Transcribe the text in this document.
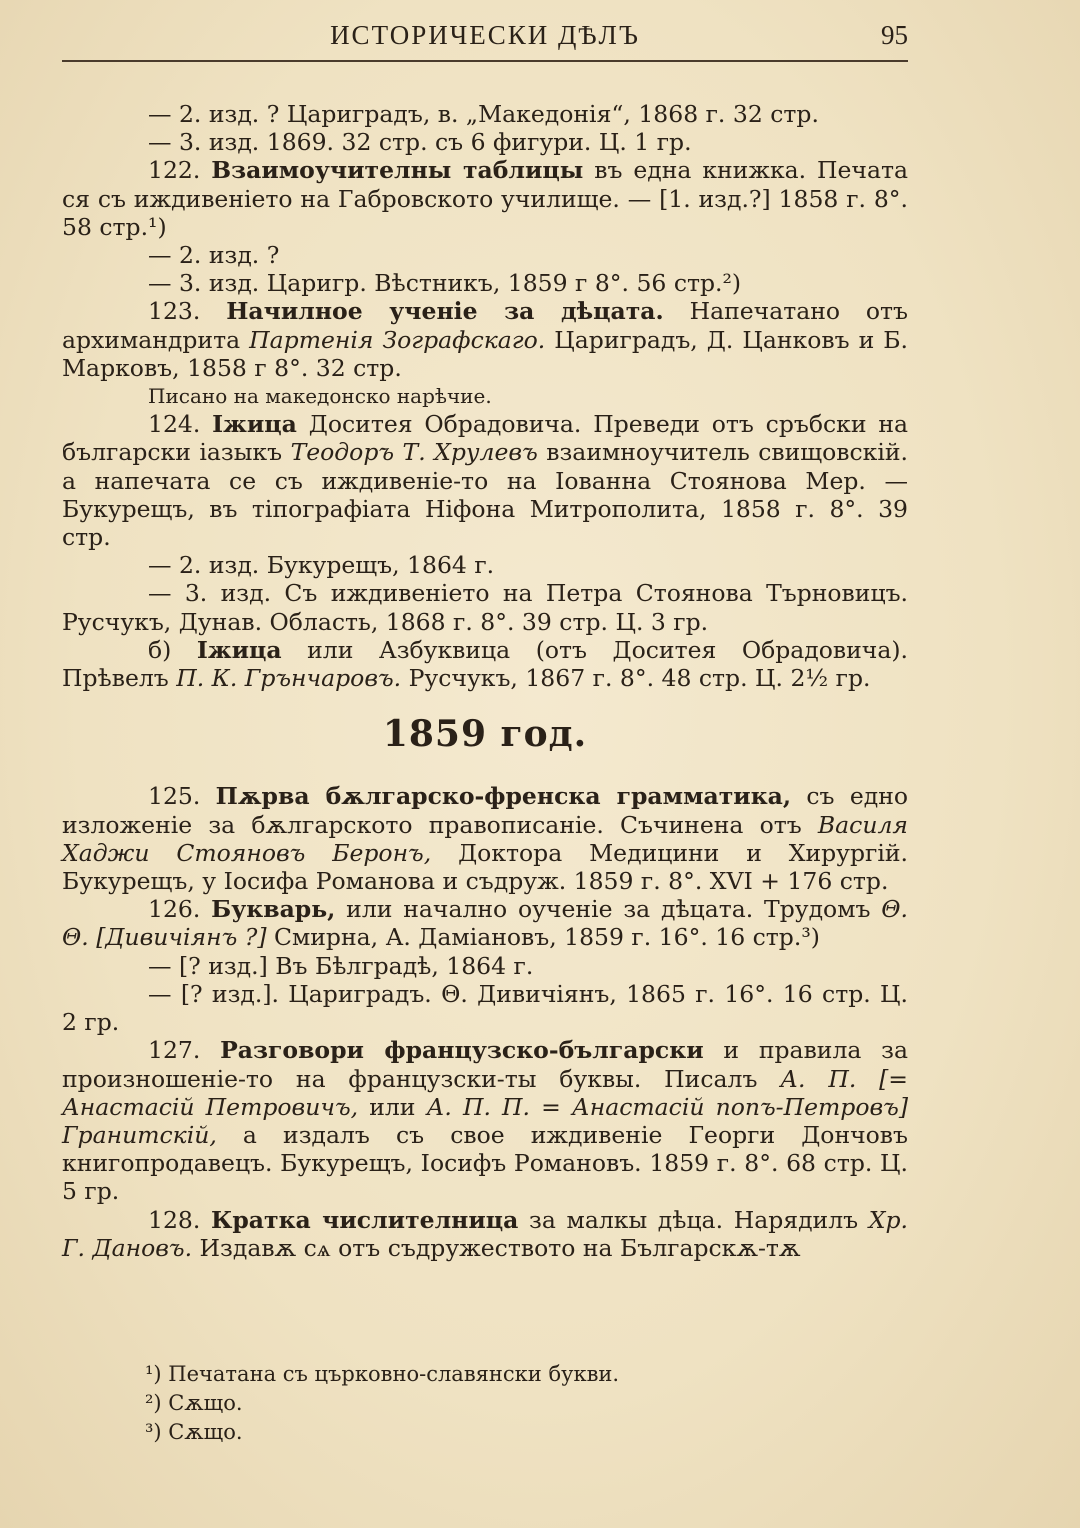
ИСТОРИЧЕСКИ ДѢЛЪ	95

— 2. изд. ? Цариградъ, в. „Македонія“, 1868 г. 32 стр.

— 3. изд. 1869. 32 стр. съ 6 фигури. Ц. 1 гр.

122. Взаимоучителны таблицы въ една книжка. Печата ся съ иждивеніето на Габровското училище. — [1. изд.?] 1858 г. 8°. 58 стр.¹)

— 2. изд. ?

— 3. изд. Царигр. Вѣстникъ, 1859 г 8°. 56 стр.²)

123. Начилное ученіе за дѣцата. Напечатано отъ архимандрита Партенія Зографскаго. Цариградъ, Д. Цанковъ и Б. Марковъ, 1858 г 8°. 32 стр.

Писано на македонско нарѣчие.

124. Іжица Доситея Обрадовича. Преведи отъ сръбски на български іазыкъ Теодоръ Т. Хрулевъ взаимноучитель свищовскій. а напечата се съ иждивеніе-то на Іованна Стоянова Мер. — Букурещъ, въ тіпографіата Ніфона Митрополита, 1858 г. 8°. 39 стр.

— 2. изд. Букурещъ, 1864 г.

— 3. изд. Съ иждивеніето на Петра Стоянова Търновицъ. Русчукъ, Дунав. Область, 1868 г. 8°. 39 стр. Ц. 3 гр.

б) Іжица или Азбуквица (отъ Доситея Обрадовича). Прѣвелъ П. К. Грънчаровъ. Русчукъ, 1867 г. 8°. 48 стр. Ц. 2½ гр.

1859 год.

125. Пѫрва бѫлгарско-френска грамматика, съ едно изложеніе за бѫлгарското правописаніе. Съчинена отъ Василя Хаджи Стояновъ Беронъ, Доктора Медицини и Хирургій. Букурещъ, у Іосифа Романова и съдруж. 1859 г. 8°. XVI + 176 стр.

126. Букварь, или начално оученіе за дѣцата. Трудомъ Θ. Θ. [Дивичіянъ ?] Смирна, А. Даміановъ, 1859 г. 16°. 16 стр.³)

— [? изд.] Въ Бѣлградѣ, 1864 г.

— [? изд.]. Цариградъ. Θ. Дивичіянъ, 1865 г. 16°. 16 стр. Ц. 2 гр.

127. Разговори французско-български и правила за произношеніе-то на французски-ты буквы. Писалъ А. П. [= Анастасій Петровичъ, или А. П. П. = Анастасій попъ-Петровъ] Гранитскій, а издалъ съ свое иждивеніе Георги Дончовъ книгопродавецъ. Букурещъ, Іосифъ Романовъ. 1859 г. 8°. 68 стр. Ц. 5 гр.

128. Кратка числителница за малкы дѣца. Нарядилъ Хр. Г. Дановъ. Издавѫ сѧ отъ съдружеството на Българскѫ-тѫ

¹) Печатана съ църковно-славянски букви.

²) Сѫщо.

³) Сѫщо.
